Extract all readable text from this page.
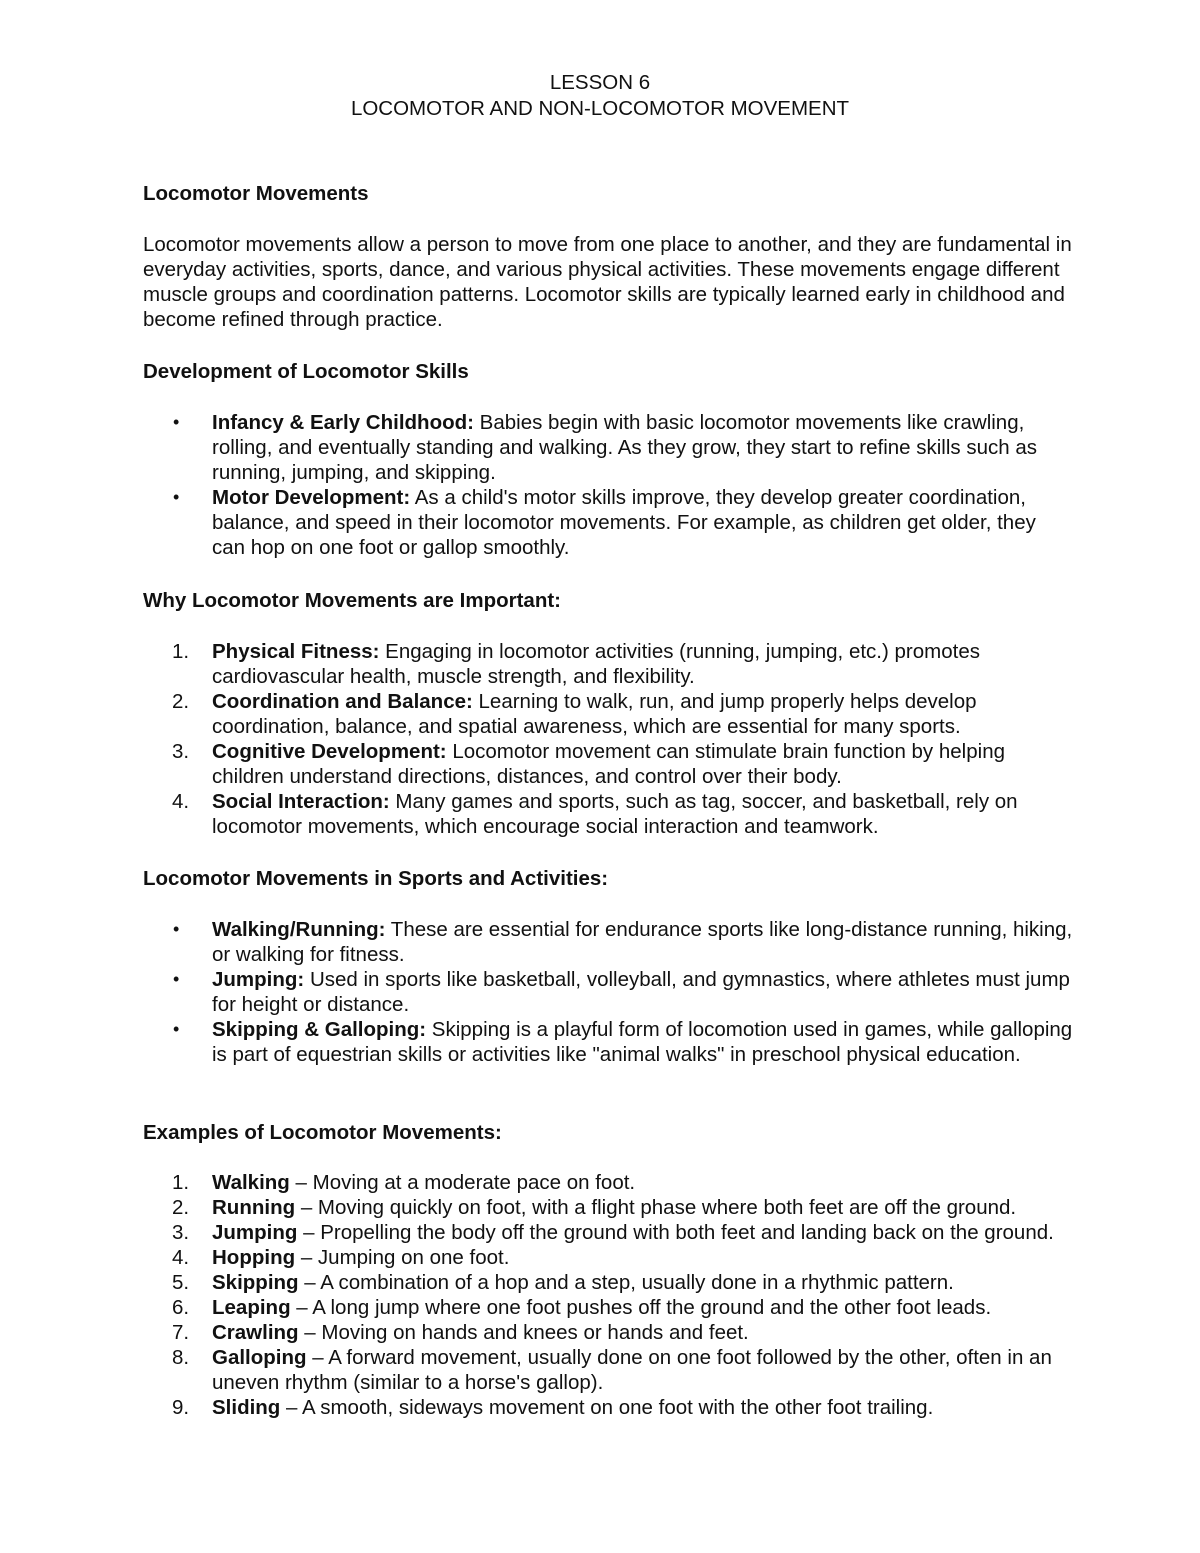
LESSON 6
LOCOMOTOR AND NON-LOCOMOTOR MOVEMENT
Locomotor Movements
Locomotor movements allow a person to move from one place to another, and they are fundamental in everyday activities, sports, dance, and various physical activities. These movements engage different muscle groups and coordination patterns. Locomotor skills are typically learned early in childhood and become refined through practice.
Development of Locomotor Skills
• Infancy & Early Childhood: Babies begin with basic locomotor movements like crawling, rolling, and eventually standing and walking. As they grow, they start to refine skills such as running, jumping, and skipping.
• Motor Development: As a child's motor skills improve, they develop greater coordination, balance, and speed in their locomotor movements. For example, as children get older, they can hop on one foot or gallop smoothly.
Why Locomotor Movements are Important:
1. Physical Fitness: Engaging in locomotor activities (running, jumping, etc.) promotes cardiovascular health, muscle strength, and flexibility.
2. Coordination and Balance: Learning to walk, run, and jump properly helps develop coordination, balance, and spatial awareness, which are essential for many sports.
3. Cognitive Development: Locomotor movement can stimulate brain function by helping children understand directions, distances, and control over their body.
4. Social Interaction: Many games and sports, such as tag, soccer, and basketball, rely on locomotor movements, which encourage social interaction and teamwork.
Locomotor Movements in Sports and Activities:
• Walking/Running: These are essential for endurance sports like long-distance running, hiking, or walking for fitness.
• Jumping: Used in sports like basketball, volleyball, and gymnastics, where athletes must jump for height or distance.
• Skipping & Galloping: Skipping is a playful form of locomotion used in games, while galloping is part of equestrian skills or activities like "animal walks" in preschool physical education.
Examples of Locomotor Movements:
1. Walking – Moving at a moderate pace on foot.
2. Running – Moving quickly on foot, with a flight phase where both feet are off the ground.
3. Jumping – Propelling the body off the ground with both feet and landing back on the ground.
4. Hopping – Jumping on one foot.
5. Skipping – A combination of a hop and a step, usually done in a rhythmic pattern.
6. Leaping – A long jump where one foot pushes off the ground and the other foot leads.
7. Crawling – Moving on hands and knees or hands and feet.
8. Galloping – A forward movement, usually done on one foot followed by the other, often in an uneven rhythm (similar to a horse's gallop).
9. Sliding – A smooth, sideways movement on one foot with the other foot trailing.
